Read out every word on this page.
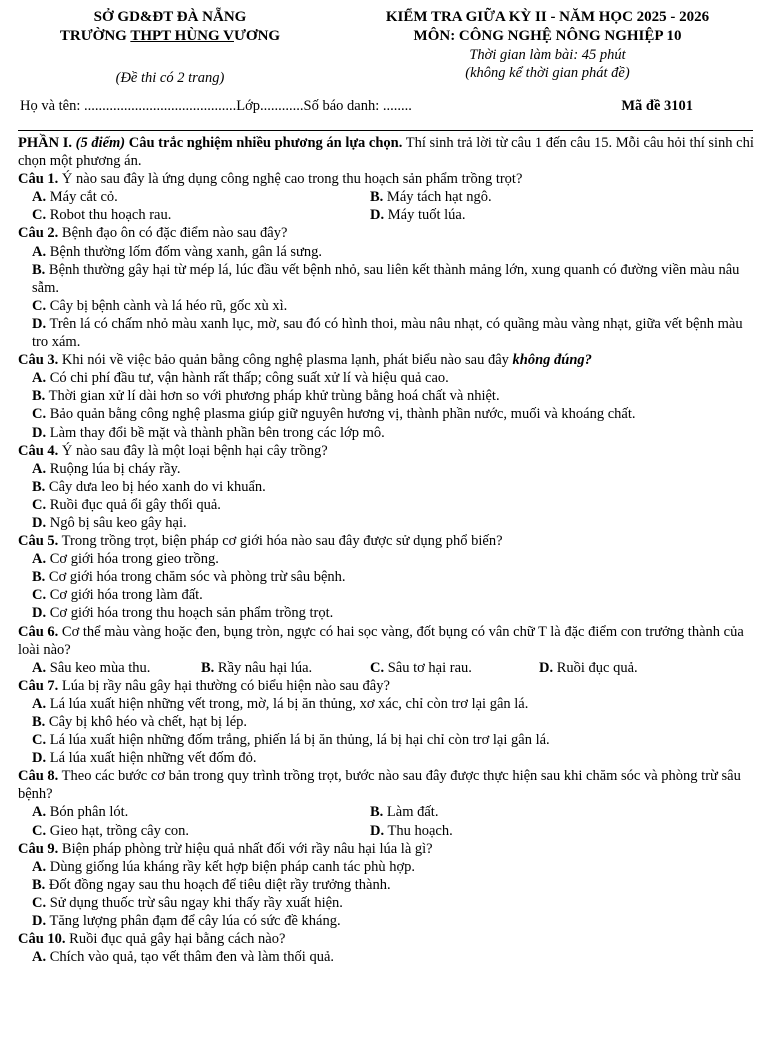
SỞ GD&ĐT ĐÀ NẴNG
TRƯỜNG THPT HÙNG VƯƠNG
KIỂM TRA GIỮA KỲ II - NĂM HỌC 2025 - 2026
MÔN: CÔNG NGHỆ NÔNG NGHIỆP 10
Thời gian làm bài: 45 phút
(không kể thời gian phát đề)
(Đề thi có 2 trang)
Họ và tên: ..........................................Lớp............Số báo danh: ........	Mã đề 3101

PHẦN I. (5 điểm) Câu trắc nghiệm nhiều phương án lựa chọn. Thí sinh trả lời từ câu 1 đến câu 15. Mỗi câu hỏi thí sinh chỉ chọn một phương án.

Câu 1. Ý nào sau đây là ứng dụng công nghệ cao trong thu hoạch sản phẩm trồng trọt?

A. Máy cắt cỏ.	B. Máy tách hạt ngô.
C. Robot thu hoạch rau.	D. Máy tuốt lúa.

Câu 2. Bệnh đạo ôn có đặc điểm nào sau đây?

A. Bệnh thường lốm đốm vàng xanh, gân lá sưng.
B. Bệnh thường gây hại từ mép lá, lúc đầu vết bệnh nhỏ, sau liên kết thành mảng lớn, xung quanh có đường viền màu nâu sẫm.
C. Cây bị bệnh cành và lá héo rũ, gốc xù xì.
D. Trên lá có chấm nhỏ màu xanh lục, mờ, sau đó có hình thoi, màu nâu nhạt, có quầng màu vàng nhạt, giữa vết bệnh màu tro xám.

Câu 3. Khi nói về việc bảo quản bằng công nghệ plasma lạnh, phát biểu nào sau đây không đúng?

A. Có chi phí đầu tư, vận hành rất thấp; công suất xử lí và hiệu quả cao.
B. Thời gian xử lí dài hơn so với phương pháp khử trùng bằng hoá chất và nhiệt.
C. Bảo quản bằng công nghệ plasma giúp giữ nguyên hương vị, thành phần nước, muối và khoáng chất.
D. Làm thay đổi bề mặt và thành phần bên trong các lớp mô.

Câu 4. Ý nào sau đây là một loại bệnh hại cây trồng?

A. Ruộng lúa bị cháy rầy.
B. Cây dưa leo bị héo xanh do vi khuẩn.
C. Ruồi đục quả ổi gây thối quả.
D. Ngô bị sâu keo gây hại.

Câu 5. Trong trồng trọt, biện pháp cơ giới hóa nào sau đây được sử dụng phổ biến?

A. Cơ giới hóa trong gieo trồng.
B. Cơ giới hóa trong chăm sóc và phòng trừ sâu bệnh.
C. Cơ giới hóa trong làm đất.
D. Cơ giới hóa trong thu hoạch sản phẩm trồng trọt.

Câu 6. Cơ thể màu vàng hoặc đen, bụng tròn, ngực có hai sọc vàng, đốt bụng có vân chữ T là đặc điểm con trưởng thành của loài nào?

A. Sâu keo mùa thu.	B. Rầy nâu hại lúa.	C. Sâu tơ hại rau.	D. Ruồi đục quả.

Câu 7. Lúa bị rầy nâu gây hại thường có biểu hiện nào sau đây?

A. Lá lúa xuất hiện những vết trong, mờ, lá bị ăn thủng, xơ xác, chỉ còn trơ lại gân lá.
B. Cây bị khô héo và chết, hạt bị lép.
C. Lá lúa xuất hiện những đốm trắng, phiến lá bị ăn thủng, lá bị hại chỉ còn trơ lại gân lá.
D. Lá lúa xuất hiện những vết đốm đỏ.

Câu 8. Theo các bước cơ bản trong quy trình trồng trọt, bước nào sau đây được thực hiện sau khi chăm sóc và phòng trừ sâu bệnh?

A. Bón phân lót.	B. Làm đất.
C. Gieo hạt, trồng cây con.	D. Thu hoạch.

Câu 9. Biện pháp phòng trừ hiệu quả nhất đối với rầy nâu hại lúa là gì?

A. Dùng giống lúa kháng rầy kết hợp biện pháp canh tác phù hợp.
B. Đốt đồng ngay sau thu hoạch để tiêu diệt rầy trưởng thành.
C. Sử dụng thuốc trừ sâu ngay khi thấy rầy xuất hiện.
D. Tăng lượng phân đạm để cây lúa có sức đề kháng.

Câu 10. Ruồi đục quả gây hại bằng cách nào?

A. Chích vào quả, tạo vết thâm đen và làm thối quả.
